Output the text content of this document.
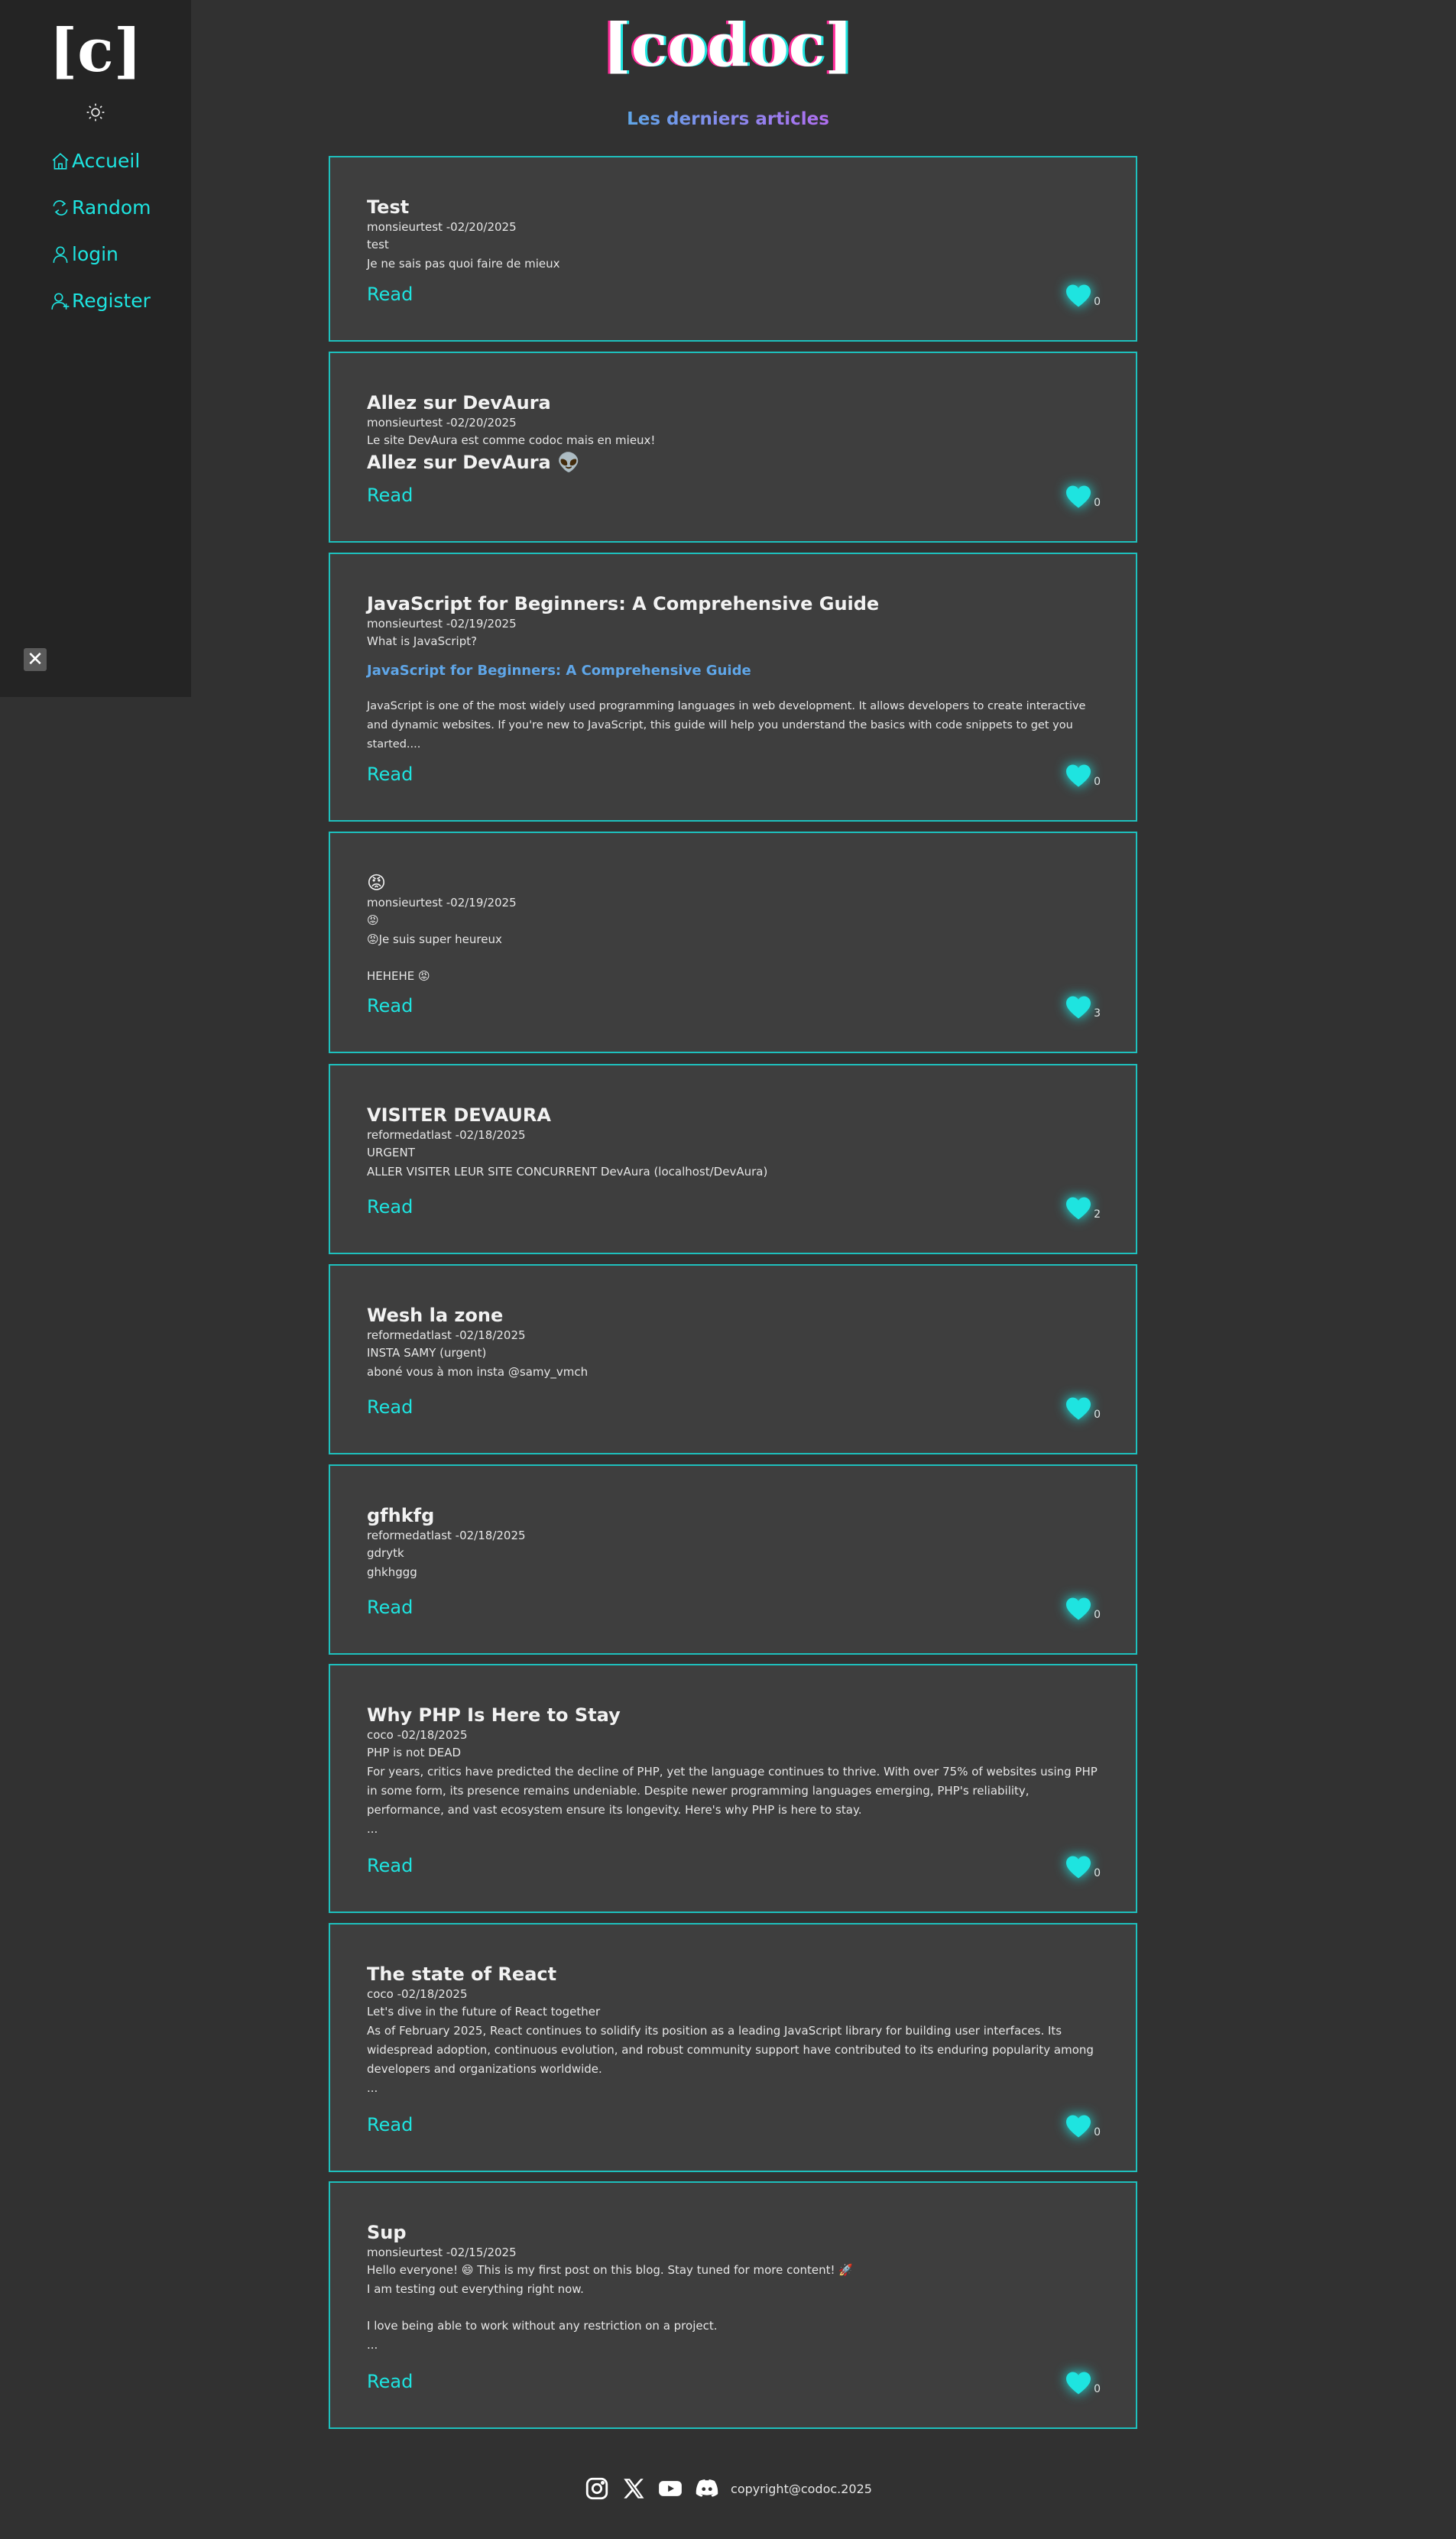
[c]
Accueil
Random
login
Register
✕
[codoc]
Les derniers articles
Test
monsieurtest -02/20/2025

test

Je ne sais pas quoi faire de mieux

Read	0
Allez sur DevAura
monsieurtest -02/20/2025

Le site DevAura est comme codoc mais en mieux!

Allez sur DevAura 👽

Read	0
JavaScript for Beginners: A Comprehensive Guide
monsieurtest -02/19/2025

What is JavaScript?

JavaScript for Beginners: A Comprehensive Guide

JavaScript is one of the most widely used programming languages in web development. It allows developers to create interactive and dynamic websites. If you're new to JavaScript, this guide will help you understand the basics with code snippets to get you started....

Read	0
😡
monsieurtest -02/19/2025

😡

😡Je suis super heureux

HEHEHE 😡

Read	3
VISITER DEVAURA
reformedatlast -02/18/2025

URGENT

ALLER VISITER LEUR SITE CONCURRENT DevAura (localhost/DevAura)

Read	2
Wesh la zone
reformedatlast -02/18/2025

INSTA SAMY (urgent)

aboné vous à mon insta @samy_vmch

Read	0
gfhkfg
reformedatlast -02/18/2025

gdrytk

ghkhggg

Read	0
Why PHP Is Here to Stay
coco -02/18/2025

PHP is not DEAD

For years, critics have predicted the decline of PHP, yet the language continues to thrive. With over 75% of websites using PHP in some form, its presence remains undeniable. Despite newer programming languages emerging, PHP's reliability, performance, and vast ecosystem ensure its longevity. Here's why PHP is here to stay.

...

Read	0
The state of React
coco -02/18/2025

Let's dive in the future of React together

As of February 2025, React continues to solidify its position as a leading JavaScript library for building user interfaces. Its widespread adoption, continuous evolution, and robust community support have contributed to its enduring popularity among developers and organizations worldwide.

...

Read	0
Sup
monsieurtest -02/15/2025

Hello everyone! 😄 This is my first post on this blog. Stay tuned for more content! 🚀

I am testing out everything right now.

I love being able to work without any restriction on a project.

...

Read	0
copyright@codoc.2025
